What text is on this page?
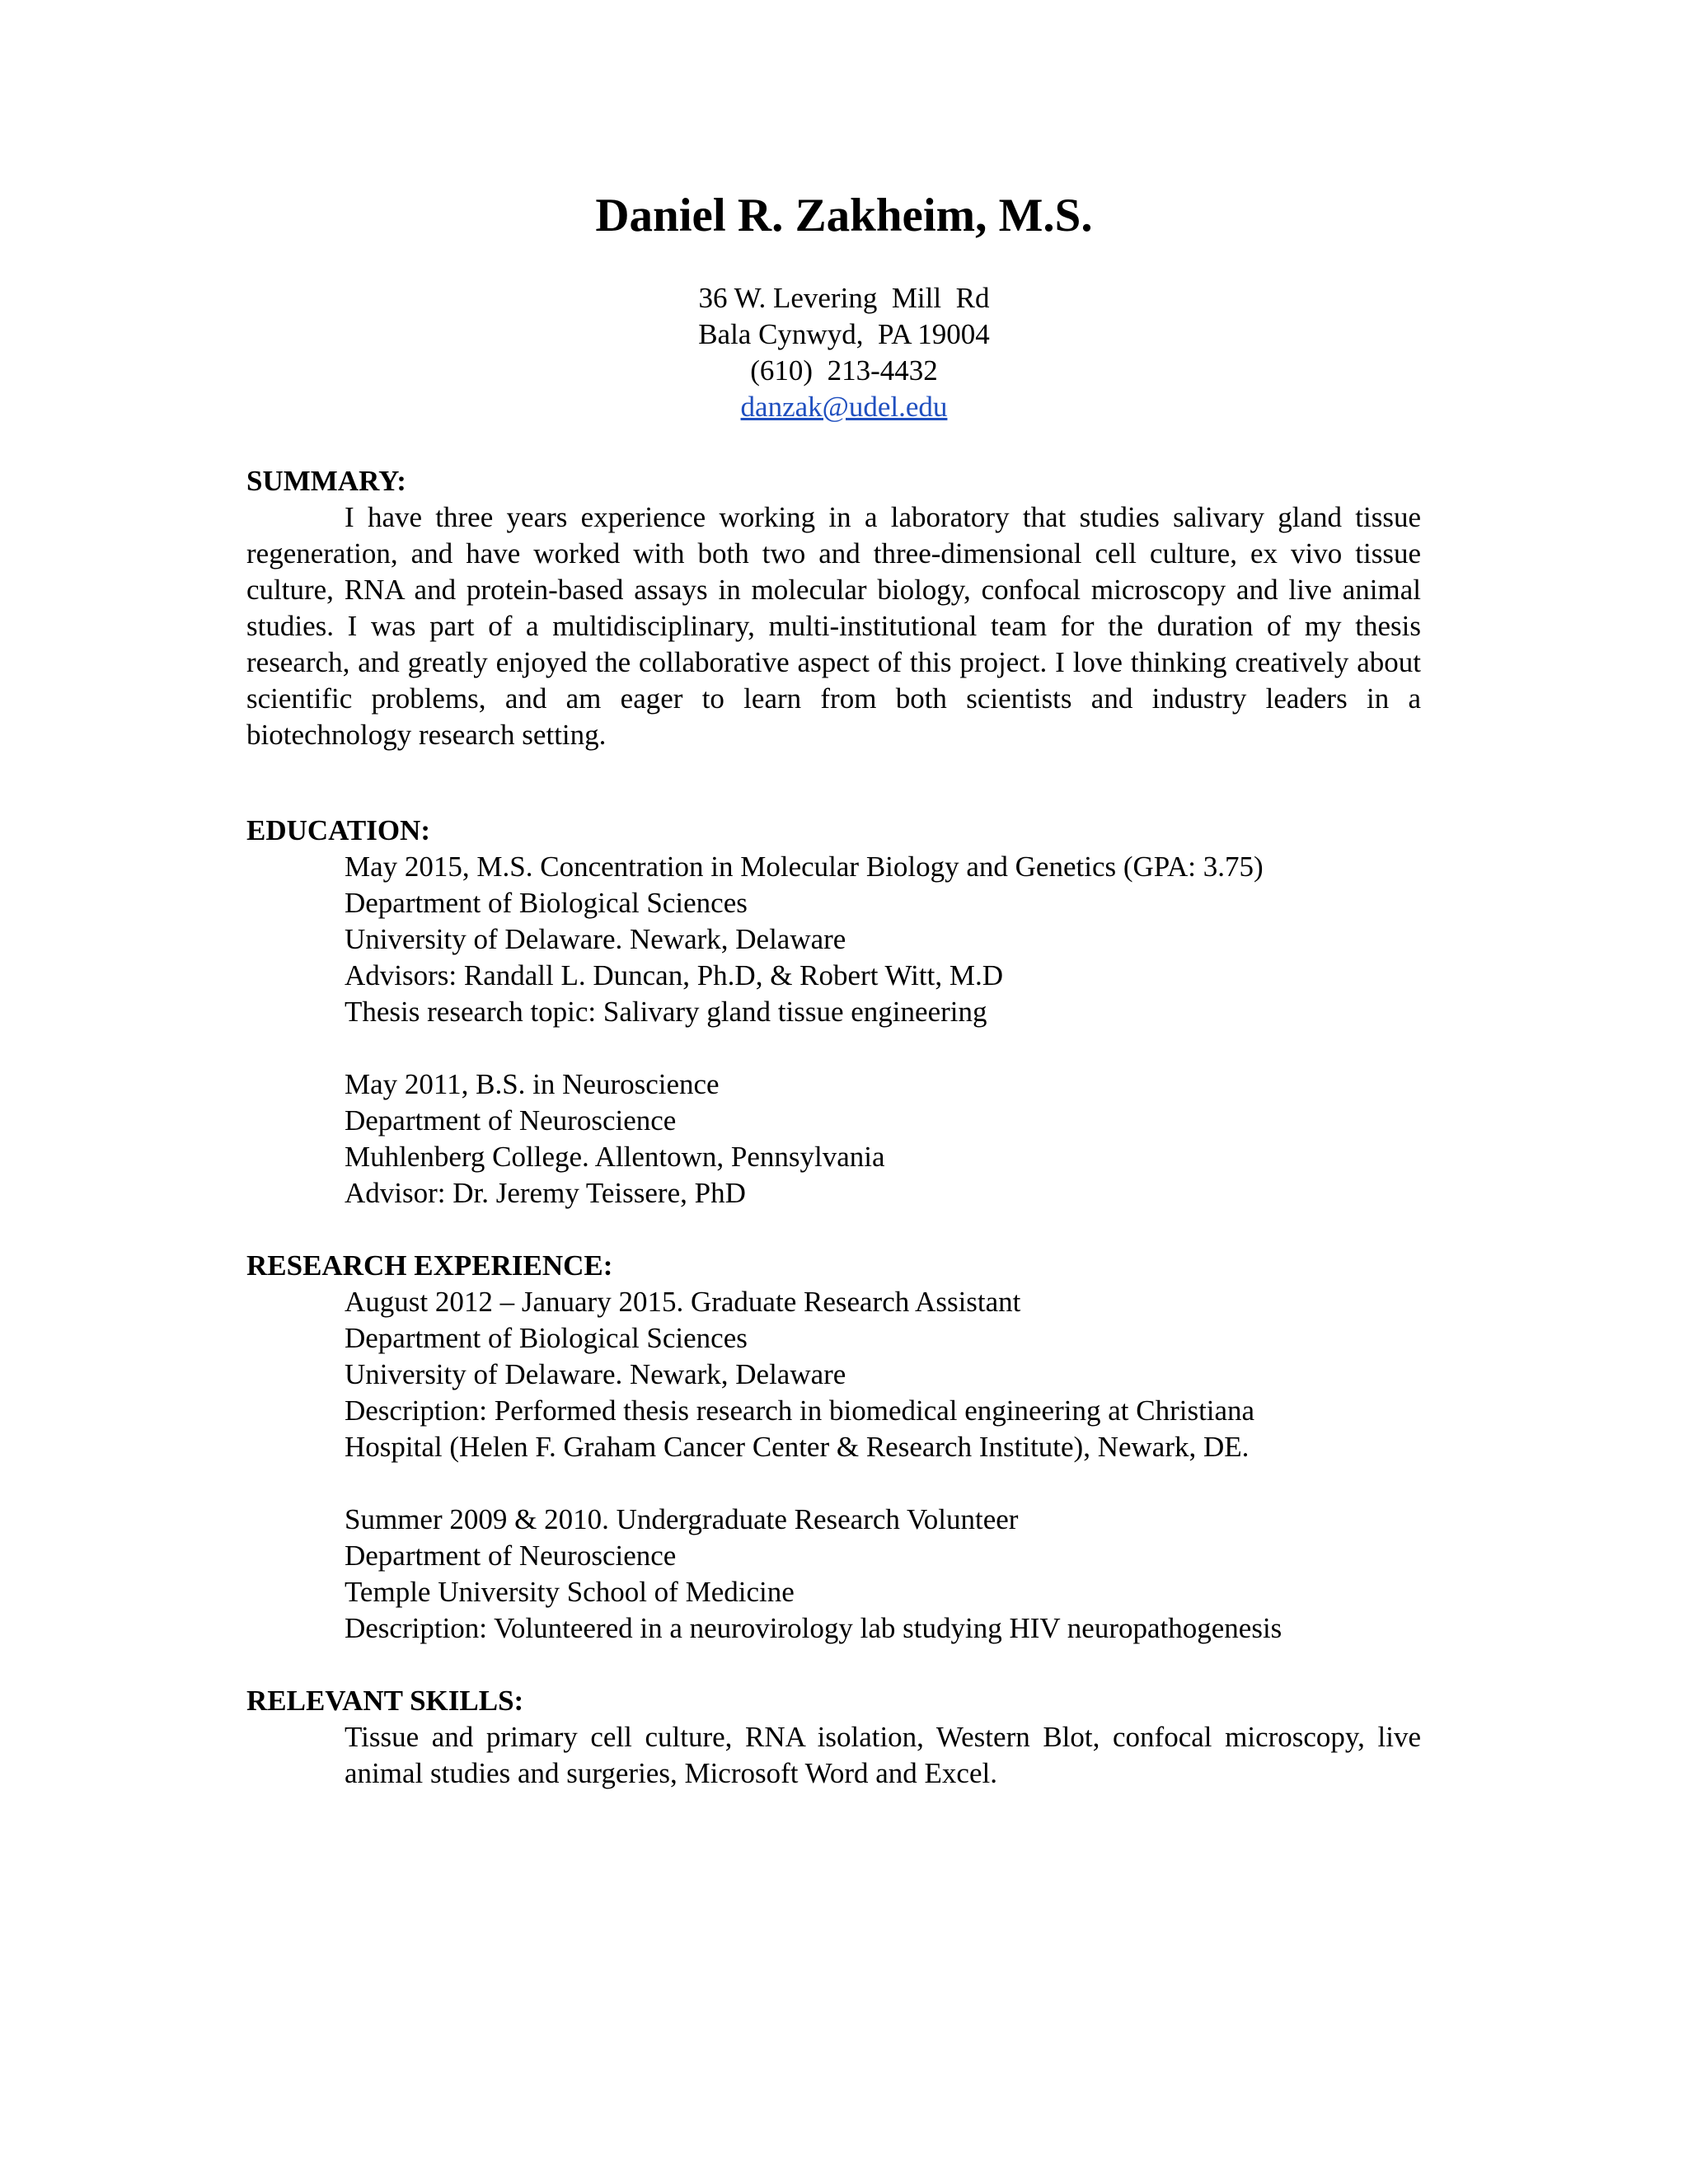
Daniel R. Zakheim, M.S.
36 W. Levering  Mill  Rd
Bala Cynwyd,  PA 19004
(610)  213-4432
danzak@udel.edu
SUMMARY:

I have three years experience working in a laboratory that studies salivary gland tissue regeneration, and have worked with both two and three-dimensional cell culture, ex vivo tissue culture, RNA and protein-based assays in molecular biology, confocal microscopy and live animal studies. I was part of a multidisciplinary, multi-institutional team for the duration of my thesis research, and greatly enjoyed the collaborative aspect of this project. I love thinking creatively about scientific problems, and am eager to learn from both scientists and industry leaders in a biotechnology research setting.

EDUCATION:
May 2015, M.S. Concentration in Molecular Biology and Genetics (GPA: 3.75)
Department of Biological Sciences
University of Delaware. Newark, Delaware
Advisors: Randall L. Duncan, Ph.D, & Robert Witt, M.D
Thesis research topic: Salivary gland tissue engineering
May 2011, B.S. in Neuroscience
Department of Neuroscience
Muhlenberg College. Allentown, Pennsylvania
Advisor: Dr. Jeremy Teissere, PhD
RESEARCH EXPERIENCE:
August 2012 – January 2015. Graduate Research Assistant
Department of Biological Sciences
University of Delaware. Newark, Delaware
Description: Performed thesis research in biomedical engineering at Christiana
Hospital (Helen F. Graham Cancer Center & Research Institute), Newark, DE.
Summer 2009 & 2010. Undergraduate Research Volunteer
Department of Neuroscience
Temple University School of Medicine
Description: Volunteered in a neurovirology lab studying HIV neuropathogenesis
RELEVANT SKILLS:

Tissue and primary cell culture, RNA isolation, Western Blot, confocal microscopy, live animal studies and surgeries, Microsoft Word and Excel.
